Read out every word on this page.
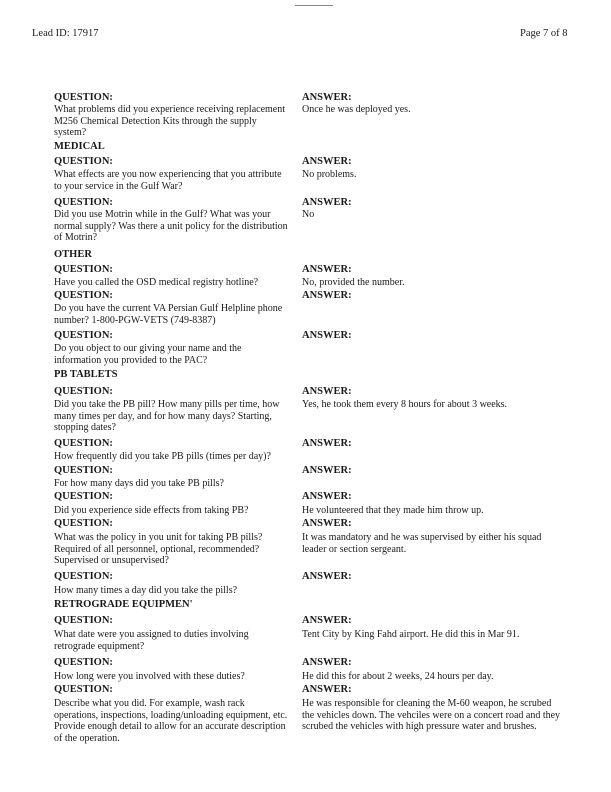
Lead ID: 17917	Page 7 of 8
QUESTION:	ANSWER:
What problems did you experience receiving replacement M256 Chemical Detection Kits through the supply system?
Once he was deployed yes.
MEDICAL
QUESTION:	ANSWER:
What effects are you now experiencing that you attribute to your service in the Gulf War?
No problems.
QUESTION:	ANSWER:
Did you use Motrin while in the Gulf? What was your normal supply? Was there a unit policy for the distribution of Motrin?
No
OTHER
QUESTION:	ANSWER:
Have you called the OSD medical registry hotline?	No, provided the number.
QUESTION:	ANSWER:
Do you have the current VA Persian Gulf Helpline phone number? 1-800-PGW-VETS (749-8387)
QUESTION:	ANSWER:
Do you object to our giving your name and the information you provided to the PAC?
PB TABLETS
QUESTION:	ANSWER:
Did you take the PB pill? How many pills per time, how many times per day, and for how many days? Starting, stopping dates?
Yes, he took them every 8 hours for about 3 weeks.
QUESTION:	ANSWER:
How frequently did you take PB pills (times per day)?
QUESTION:	ANSWER:
For how many days did you take PB pills?
QUESTION:	ANSWER:
Did you experience side effects from taking PB?	He volunteered that they made him throw up.
QUESTION:	ANSWER:
What was the policy in you unit for taking PB pills? Required of all personnel, optional, recommended? Supervised or unsupervised?
It was mandatory and he was supervised by either his squad leader or section sergeant.
QUESTION:	ANSWER:
How many times a day did you take the pills?
RETROGRADE EQUIPMEN'
QUESTION:	ANSWER:
What date were you assigned to duties involving retrograde equipment?
Tent City by King Fahd airport. He did this in Mar 91.
QUESTION:	ANSWER:
How long were you involved with these duties?	He did this for about 2 weeks, 24 hours per day.
QUESTION:	ANSWER:
Describe what you did. For example, wash rack operations, inspections, loading/unloading equipment, etc. Provide enough detail to allow for an accurate description of the operation.
He was responsible for cleaning the M-60 weapon, he scrubed the vehicles down. The vehciles were on a concert road and they scrubed the vehicles with high pressure water and brushes.
